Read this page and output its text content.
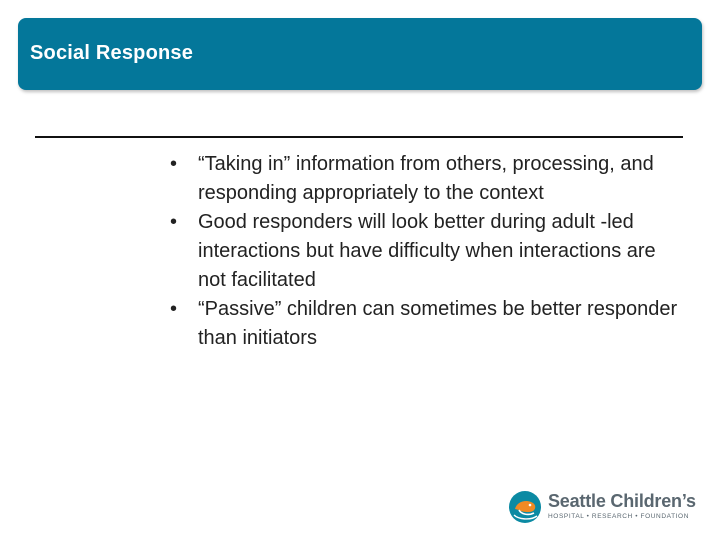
Social Response
• “Taking in” information from others, processing, and responding appropriately to the context
• Good responders will look better during adult -led interactions but have difficulty when interactions are not facilitated
• “Passive” children can sometimes be better responder than initiators
Seattle Children’s
HOSPITAL • RESEARCH • FOUNDATION
